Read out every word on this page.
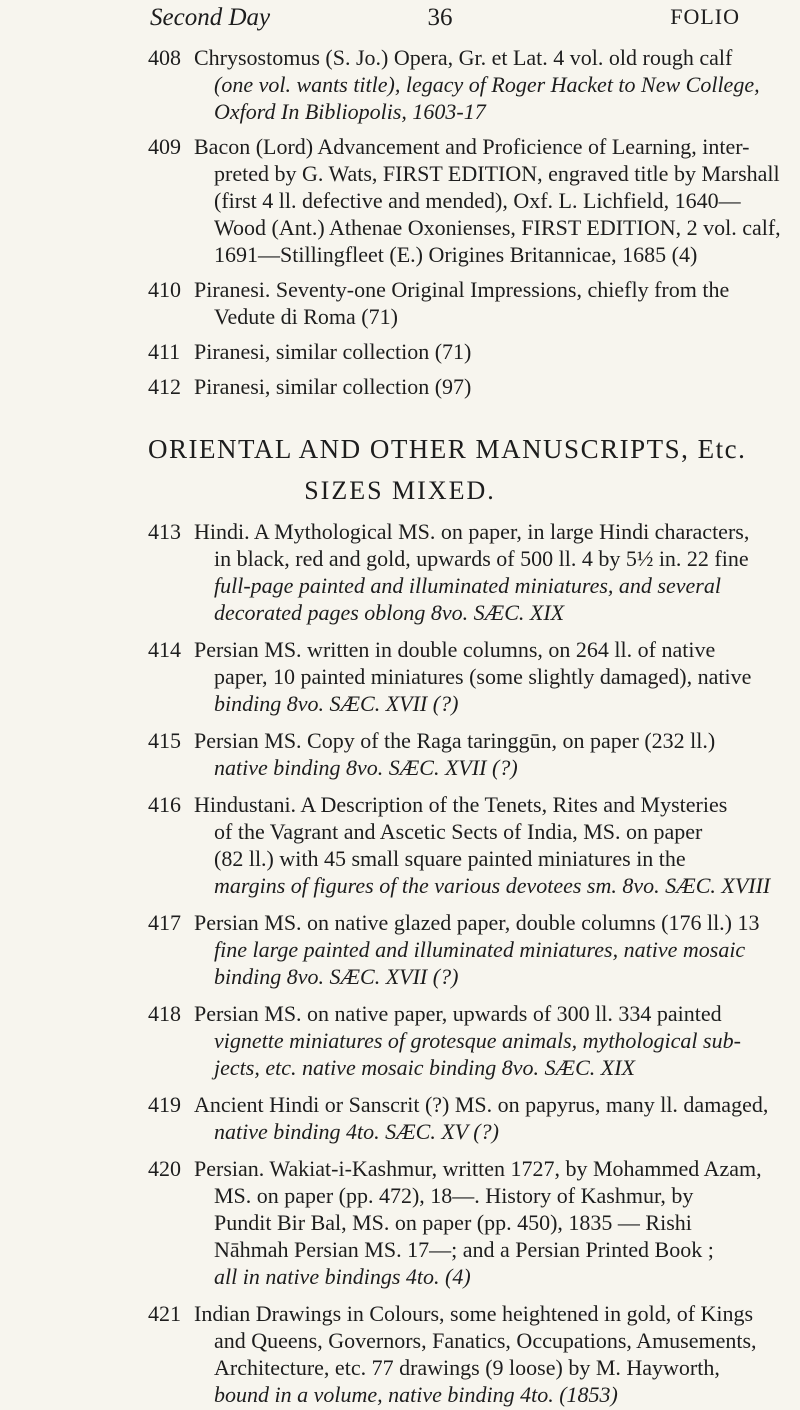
Second Day	36	FOLIO
408 Chrysostomus (S. Jo.) Opera, Gr. et Lat. 4 vol. old rough calf
(one vol. wants title), legacy of Roger Hacket to New College,
Oxford In Bibliopolis, 1603-17
409 Bacon (Lord) Advancement and Proficience of Learning, inter-
preted by G. Wats, FIRST EDITION, engraved title by Marshall
(first 4 ll. defective and mended), Oxf. L. Lichfield, 1640—
Wood (Ant.) Athenae Oxonienses, FIRST EDITION, 2 vol. calf,
1691—Stillingfleet (E.) Origines Britannicae, 1685 (4)
410 Piranesi. Seventy-one Original Impressions, chiefly from the
Vedute di Roma (71)
411 Piranesi, similar collection (71)
412 Piranesi, similar collection (97)
ORIENTAL AND OTHER MANUSCRIPTS, Etc.
SIZES MIXED.
413 Hindi. A Mythological MS. on paper, in large Hindi characters,
in black, red and gold, upwards of 500 ll. 4 by 5½ in. 22 fine
full-page painted and illuminated miniatures, and several
decorated pages oblong 8vo. SÆC. XIX
414 Persian MS. written in double columns, on 264 ll. of native
paper, 10 painted miniatures (some slightly damaged), native
binding 8vo. SÆC. XVII (?)
415 Persian MS. Copy of the Raga taringgūn, on paper (232 ll.)
native binding 8vo. SÆC. XVII (?)
416 Hindustani. A Description of the Tenets, Rites and Mysteries
of the Vagrant and Ascetic Sects of India, MS. on paper
(82 ll.) with 45 small square painted miniatures in the
margins of figures of the various devotees sm. 8vo. SÆC. XVIII
417 Persian MS. on native glazed paper, double columns (176 ll.) 13
fine large painted and illuminated miniatures, native mosaic
binding 8vo. SÆC. XVII (?)
418 Persian MS. on native paper, upwards of 300 ll. 334 painted
vignette miniatures of grotesque animals, mythological sub-
jects, etc. native mosaic binding 8vo. SÆC. XIX
419 Ancient Hindi or Sanscrit (?) MS. on papyrus, many ll. damaged,
native binding 4to. SÆC. XV (?)
420 Persian. Wakiat-i-Kashmur, written 1727, by Mohammed Azam,
MS. on paper (pp. 472), 18—. History of Kashmur, by
Pundit Bir Bal, MS. on paper (pp. 450), 1835 — Rishi
Nāhmah Persian MS. 17—; and a Persian Printed Book ;
all in native bindings 4to. (4)
421 Indian Drawings in Colours, some heightened in gold, of Kings
and Queens, Governors, Fanatics, Occupations, Amusements,
Architecture, etc. 77 drawings (9 loose) by M. Hayworth,
bound in a volume, native binding 4to. (1853)
